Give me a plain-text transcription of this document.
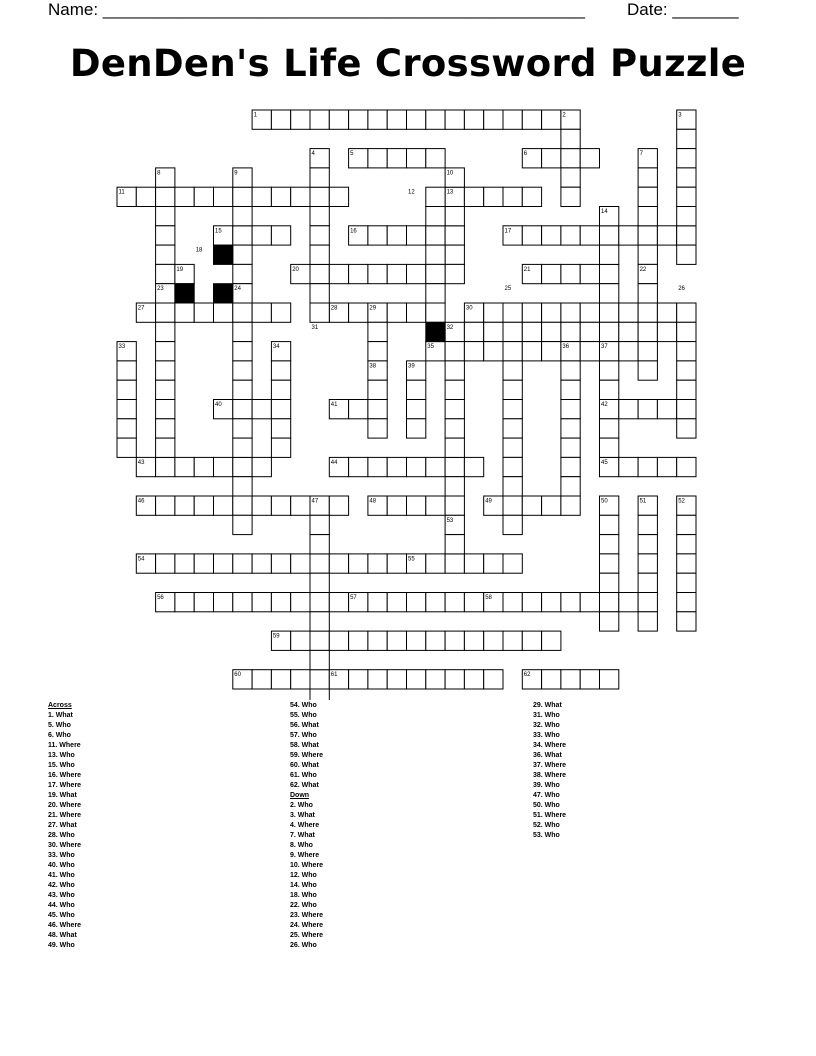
Name: ___________________________________________________ Date: _______
DenDen's Life Crossword Puzzle
1	2	3
4	5	6	7
8	9	10
11	12	13
14
15	16	17
18
19	20	21	22
23	24	25	26
27	28	29	30
31	32
33	34	35	36	37
38	39
40	41	42
43	44	45
46	47	48	49	50	51	52
53
54	55
56	57	58
59
60	61	62
Across
1. What
5. Who
6. Who
11. Where
13. Who
15. Who
16. Where
17. Where
19. What
20. Where
21. Where
27. What
28. Who
30. Where
33. Who
40. Who
41. Who
42. Who
43. Who
44. Who
45. Who
46. Where
48. What
49. Who
54. Who
55. Who
56. What
57. Who
58. What
59. Where
60. What
61. Who
62. What
Down
2. Who
3. What
4. Where
7. What
8. Who
9. Where
10. Where
12. Who
14. Who
18. Who
22. Who
23. Where
24. Where
25. Where
26. Who
29. What
31. Who
32. Who
33. Who
34. Where
36. What
37. Where
38. Where
39. Who
47. Who
50. Who
51. Where
52. Who
53. Who
